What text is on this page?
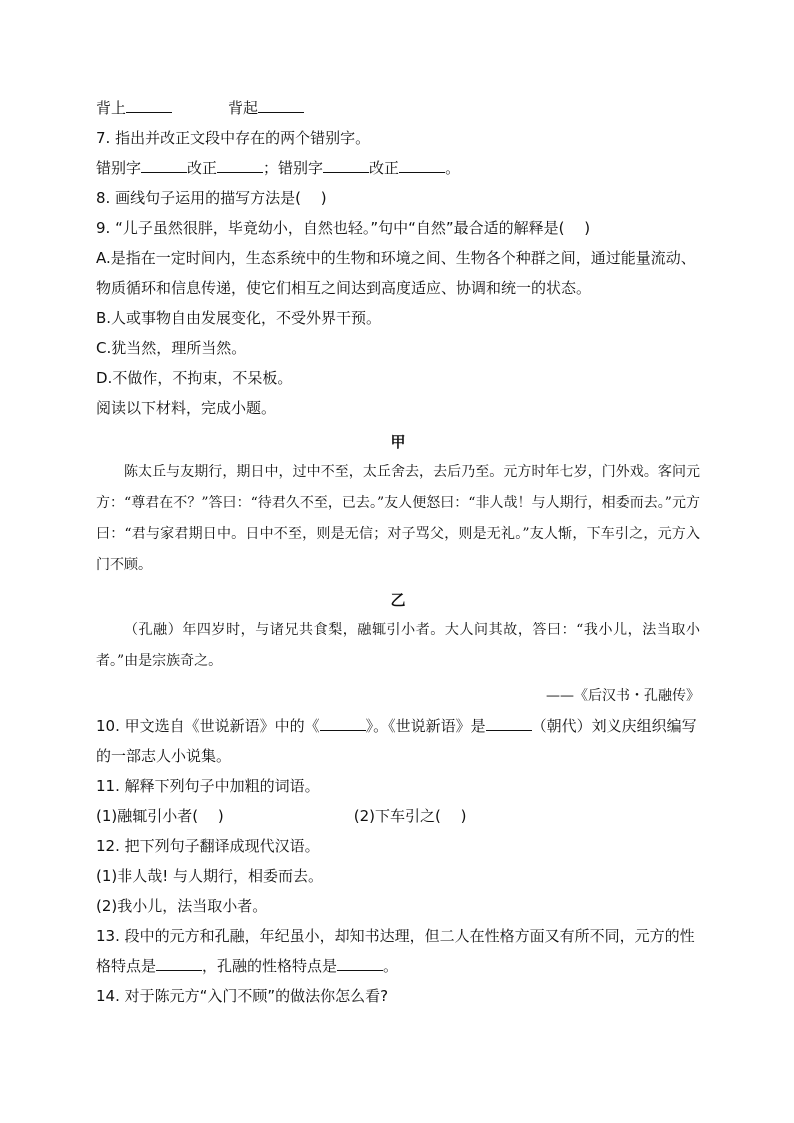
背上	背起
7. 指出并改正文段中存在的两个错别字。
错别字	改正	；错别字	改正	。
8. 画线句子运用的描写方法是(　 )
9. “儿子虽然很胖，毕竟幼小，自然也轻。”句中“自然”最合适的解释是(　 )
A.是指在一定时间内，生态系统中的生物和环境之间、生物各个种群之间，通过能量流动、物质循环和信息传递，使它们相互之间达到高度适应、协调和统一的状态。
B.人或事物自由发展变化，不受外界干预。
C.犹当然，理所当然。
D.不做作，不拘束，不呆板。
阅读以下材料，完成小题。
甲

陈太丘与友期行，期日中，过中不至，太丘舍去，去后乃至。元方时年七岁，门外戏。客问元方：“尊君在不？”答曰：“待君久不至，已去。”友人便怒曰：“非人哉！与人期行，相委而去。”元方曰：“君与家君期日中。日中不至，则是无信；对子骂父，则是无礼。”友人惭，下车引之，元方入门不顾。

乙

（孔融）年四岁时，与诸兄共食梨，融辄引小者。大人问其故，答曰：“我小儿，法当取小者。”由是宗族奇之。

——《后汉书・孔融传》
10. 甲文选自《世说新语》中的《	》。《世说新语》是	（朝代）刘义庆组织编写的一部志人小说集。
11. 解释下列句子中加粗的词语。
(1)融辄引小者(　 )	(2)下车引之(　 )
12. 把下列句子翻译成现代汉语。
(1)非人哉! 与人期行，相委而去。
(2)我小儿，法当取小者。
13. 段中的元方和孔融，年纪虽小，却知书达理，但二人在性格方面又有所不同，元方的性格特点是	，孔融的性格特点是	。
14. 对于陈元方“入门不顾”的做法你怎么看?
